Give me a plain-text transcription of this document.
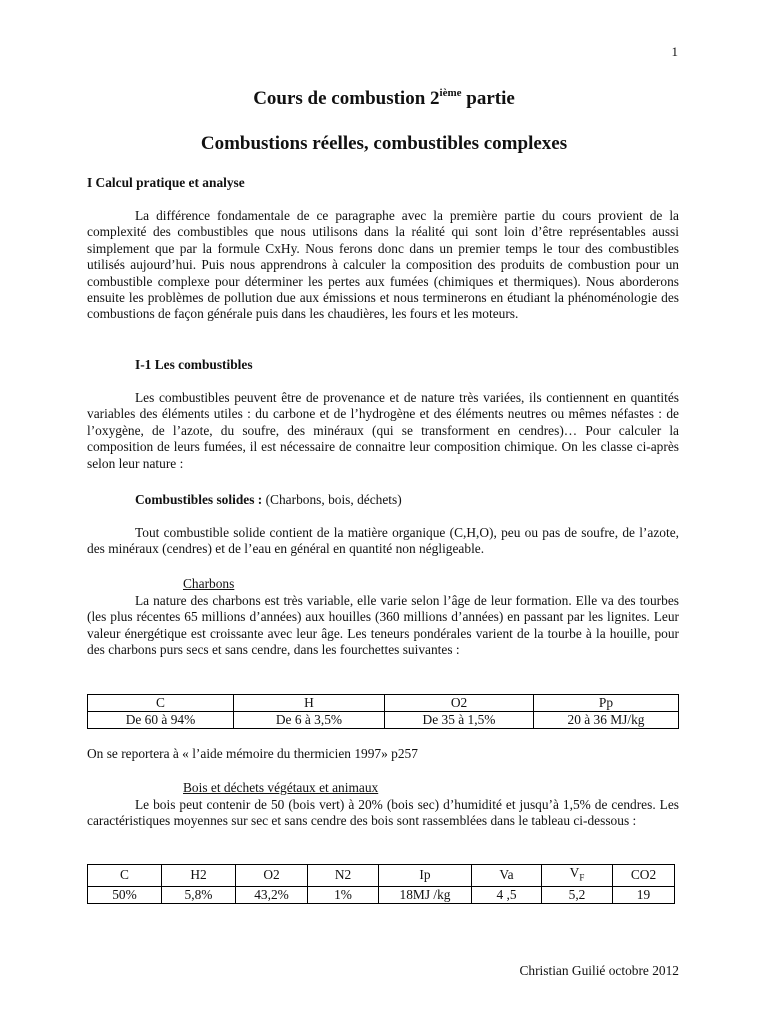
1
Cours de combustion 2ième partie
Combustions réelles, combustibles complexes
I Calcul pratique et analyse
La différence fondamentale de ce paragraphe avec la première partie du cours provient de la complexité des combustibles que nous utilisons dans la réalité qui sont loin d’être représentables aussi simplement que par la formule CxHy. Nous ferons donc dans un premier temps le tour des combustibles utilisés aujourd’hui. Puis nous apprendrons à calculer la composition des produits de combustion pour un combustible complexe pour déterminer les pertes aux fumées (chimiques et thermiques). Nous aborderons ensuite les problèmes de pollution due aux émissions et nous terminerons en étudiant la phénoménologie des combustions de façon générale puis dans les chaudières, les fours et les moteurs.
I-1 Les combustibles
Les combustibles peuvent être de provenance et de nature très variées, ils contiennent en quantités variables des éléments utiles : du carbone et de l’hydrogène et des éléments neutres ou mêmes néfastes : de l’oxygène, de l’azote, du soufre, des minéraux (qui se transforment en cendres)… Pour calculer la composition de leurs fumées, il est nécessaire de connaitre leur composition chimique. On les classe ci-après selon leur nature :
Combustibles solides : (Charbons, bois, déchets)
Tout combustible solide contient de la matière organique (C,H,O), peu ou pas de soufre, de l’azote, des minéraux (cendres) et de l’eau en général en quantité non négligeable.
Charbons
La nature des charbons est très variable, elle varie selon l’âge de leur formation. Elle va des tourbes (les plus récentes 65 millions d’années) aux houilles (360 millions d’années) en passant par les lignites. Leur valeur énergétique est croissante avec leur âge. Les teneurs pondérales varient de la tourbe à la houille, pour des charbons purs secs et sans cendre, dans les fourchettes suivantes :
C	H	O2	Pp
De 60 à 94%	De 6 à 3,5%	De 35 à 1,5%	20 à 36 MJ/kg
On se reportera à « l’aide mémoire du thermicien 1997» p257
Bois et déchets végétaux et animaux
Le bois peut contenir de 50 (bois vert) à 20% (bois sec) d’humidité et jusqu’à 1,5% de cendres. Les caractéristiques moyennes sur sec et sans cendre des bois sont rassemblées dans le tableau ci-dessous :
C	H2	O2	N2	Ip	Va	$V_F$	CO2
50%	5,8%	43,2%	1%	18MJ /kg	4 ,5	5,2	19
Christian Guilié octobre 2012
